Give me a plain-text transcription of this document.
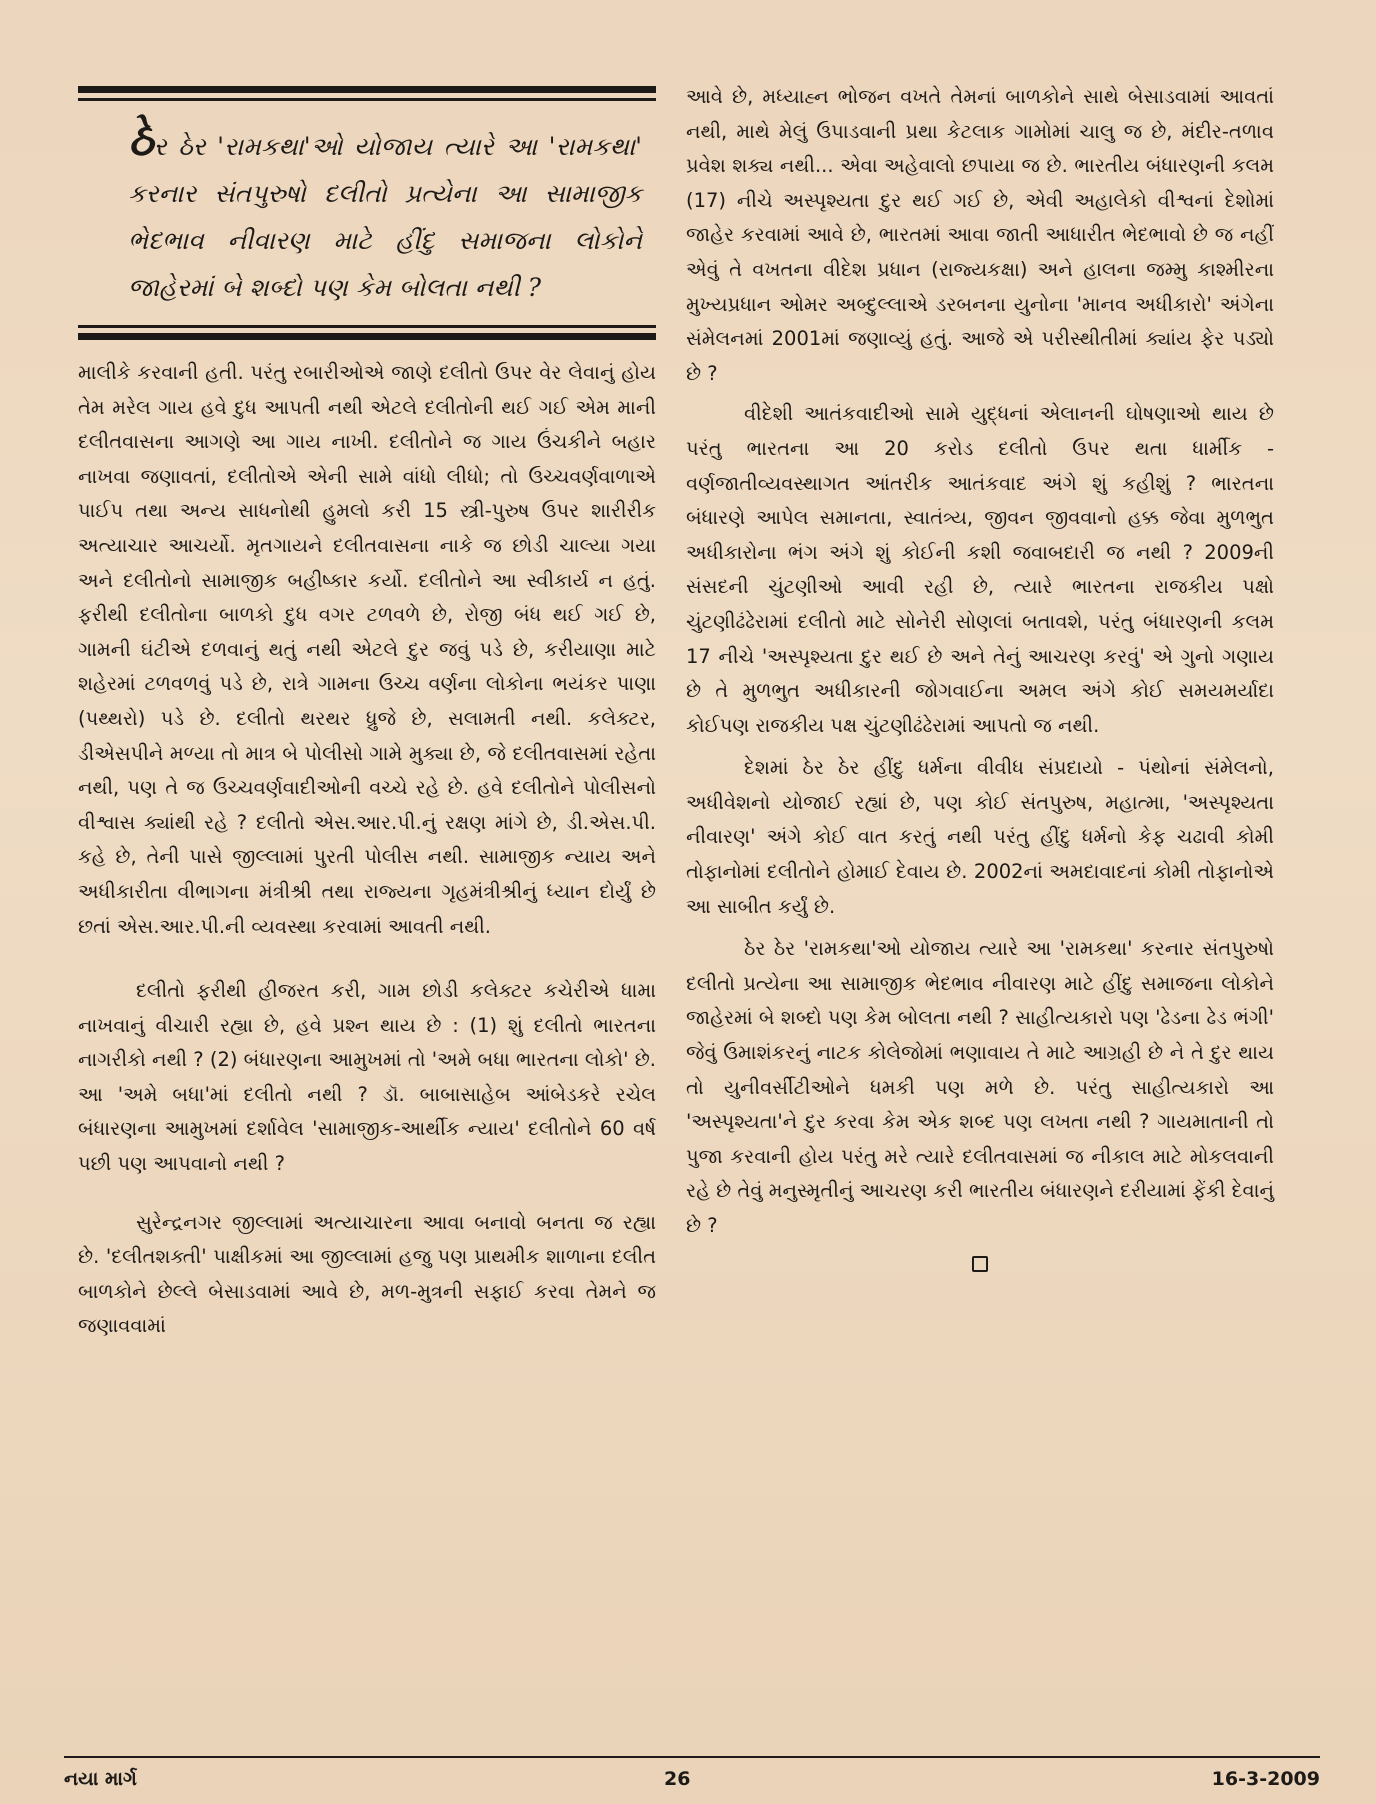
ઠેર ઠેર 'રામકથા'ઓ યોજાય ત્યારે આ 'રામકથા' કરનાર સંતપુરુષો દલીતો પ્રત્યેના આ સામાજીક ભેદભાવ નીવારણ માટે હીંદુ સમાજના લોકોને જાહેરમાં બે શબ્દો પણ કેમ બોલતા નથી ?

માલીકે કરવાની હતી. પરંતુ રબારીઓએ જાણે દલીતો ઉપર વેર લેવાનું હોય તેમ મરેલ ગાય હવે દુધ આપતી નથી એટલે દલીતોની થઈ ગઈ એમ માની દલીતવાસના આગણે આ ગાય નાખી. દલીતોને જ ગાય ઉંચકીને બહાર નાખવા જણાવતાં, દલીતોએ એની સામે વાંધો લીધો; તો ઉચ્ચવર્ણવાળાએ પાઈપ તથા અન્ય સાધનોથી હુમલો કરી 15 સ્ત્રી-પુરુષ ઉપર શારીરીક અત્યાચાર આચર્યો. મૃતગાયને દલીતવાસના નાકે જ છોડી ચાલ્યા ગયા અને દલીતોનો સામાજીક બહીષ્કાર કર્યો. દલીતોને આ સ્વીકાર્ય ન હતું. ફરીથી દલીતોના બાળકો દુધ વગર ટળવળે છે, રોજી બંધ થઈ ગઈ છે, ગામની ઘંટીએ દળવાનું થતું નથી એટલે દુર જવું પડે છે, કરીયાણા માટે શહેરમાં ટળવળવું પડે છે, રાત્રે ગામના ઉચ્ચ વર્ણના લોકોના ભયંકર પાણા (પથ્થરો) પડે છે. દલીતો થરથર ધ્રુજે છે, સલામતી નથી. કલેક્ટર, ડીએસપીને મળ્યા તો માત્ર બે પોલીસો ગામે મુક્યા છે, જે દલીતવાસમાં રહેતા નથી, પણ તે જ ઉચ્ચવર્ણવાદીઓની વચ્ચે રહે છે. હવે દલીતોને પોલીસનો વીશ્વાસ ક્યાંથી રહે ? દલીતો એસ.આર.પી.નું રક્ષણ માંગે છે, ડી.એસ.પી. કહે છે, તેની પાસે જીલ્લામાં પુરતી પોલીસ નથી. સામાજીક ન્યાય અને અધીકારીતા વીભાગના મંત્રીશ્રી તથા રાજ્યના ગૃહમંત્રીશ્રીનું ધ્યાન દોર્યું છે છતાં એસ.આર.પી.ની વ્યવસ્થા કરવામાં આવતી નથી.

દલીતો ફરીથી હીજરત કરી, ગામ છોડી કલેક્ટર કચેરીએ ધામા નાખવાનું વીચારી રહ્યા છે, હવે પ્રશ્ન થાય છે : (1) શું દલીતો ભારતના નાગરીકો નથી ? (2) બંધારણના આમુખમાં તો 'અમે બધા ભારતના લોકો' છે. આ 'અમે બધા'માં દલીતો નથી ? ડૉ. બાબાસાહેબ આંબેડકરે રચેલ બંધારણના આમુખમાં દર્શાવેલ 'સામાજીક-આર્થીક ન્યાય' દલીતોને 60 વર્ષ પછી પણ આપવાનો નથી ?

સુરેન્દ્રનગર જીલ્લામાં અત્યાચારના આવા બનાવો બનતા જ રહ્યા છે. 'દલીતશક્તી' પાક્ષીકમાં આ જીલ્લામાં હજુ પણ પ્રાથમીક શાળાના દલીત બાળકોને છેલ્લે બેસાડવામાં આવે છે, મળ-મુત્રની સફાઈ કરવા તેમને જ જણાવવામાં

આવે છે, મધ્યાહ્ન ભોજન વખતે તેમનાં બાળકોને સાથે બેસાડવામાં આવતાં નથી, માથે મેલું ઉપાડવાની પ્રથા કેટલાક ગામોમાં ચાલુ જ છે, મંદીર-તળાવ પ્રવેશ શક્ય નથી... એવા અહેવાલો છપાયા જ છે. ભારતીય બંધારણની કલમ (17) નીચે અસ્પૃશ્યતા દુર થઈ ગઈ છે, એવી અહાલેકો વીશ્વનાં દેશોમાં જાહેર કરવામાં આવે છે, ભારતમાં આવા જાતી આધારીત ભેદભાવો છે જ નહીં એવું તે વખતના વીદેશ પ્રધાન (રાજ્યકક્ષા) અને હાલના જમ્મુ કાશ્મીરના મુખ્યપ્રધાન ઓમર અબ્દુલ્લાએ ડરબનના યુનોના 'માનવ અધીકારો' અંગેના સંમેલનમાં 2001માં જણાવ્યું હતું. આજે એ પરીસ્થીતીમાં ક્યાંય ફેર પડ્યો છે ?

વીદેશી આતંકવાદીઓ સામે યુદ્ધનાં એલાનની ઘોષણાઓ થાય છે પરંતુ ભારતના આ 20 કરોડ દલીતો ઉપર થતા ધાર્મીક - વર્ણજાતીવ્યવસ્થાગત આંતરીક આતંકવાદ અંગે શું કહીશું ? ભારતના બંધારણે આપેલ સમાનતા, સ્વાતંત્ર્ય, જીવન જીવવાનો હક્ક જેવા મુળભુત અધીકારોના ભંગ અંગે શું કોઈની કશી જવાબદારી જ નથી ? 2009ની સંસદની ચુંટણીઓ આવી રહી છે, ત્યારે ભારતના રાજકીય પક્ષો ચુંટણીઢંઢેરામાં દલીતો માટે સોનેરી સોણલાં બતાવશે, પરંતુ બંધારણની કલમ 17 નીચે 'અસ્પૃશ્યતા દુર થઈ છે અને તેનું આચરણ કરવું' એ ગુનો ગણાય છે તે મુળભુત અધીકારની જોગવાઈના અમલ અંગે કોઈ સમયમર્યાદા કોઈપણ રાજકીય પક્ષ ચુંટણીઢંઢેરામાં આપતો જ નથી.

દેશમાં ઠેર ઠેર હીંદુ ધર્મના વીવીધ સંપ્રદાયો - પંથોનાં સંમેલનો, અધીવેશનો યોજાઈ રહ્યાં છે, પણ કોઈ સંતપુરુષ, મહાત્મા, 'અસ્પૃશ્યતા નીવારણ' અંગે કોઈ વાત કરતું નથી પરંતુ હીંદુ ધર્મનો કેફ ચઢાવી કોમી તોફાનોમાં દલીતોને હોમાઈ દેવાય છે. 2002નાં અમદાવાદનાં કોમી તોફાનોએ આ સાબીત કર્યું છે.

ઠેર ઠેર 'રામકથા'ઓ યોજાય ત્યારે આ 'રામકથા' કરનાર સંતપુરુષો દલીતો પ્રત્યેના આ સામાજીક ભેદભાવ નીવારણ માટે હીંદુ સમાજના લોકોને જાહેરમાં બે શબ્દો પણ કેમ બોલતા નથી ? સાહીત્યકારો પણ 'ઢેડના ઢેડ ભંગી' જેવું ઉમાશંકરનું નાટક કોલેજોમાં ભણાવાય તે માટે આગ્રહી છે ને તે દુર થાય તો યુનીવર્સીટીઓને ધમકી પણ મળે છે. પરંતુ સાહીત્યકારો આ 'અસ્પૃશ્યતા'ને દુર કરવા કેમ એક શબ્દ પણ લખતા નથી ? ગાયમાતાની તો પુજા કરવાની હોય પરંતુ મરે ત્યારે દલીતવાસમાં જ નીકાલ માટે મોકલવાની રહે છે તેવું મનુસ્મૃતીનું આચરણ કરી ભારતીય બંધારણને દરીયામાં ફેંકી દેવાનું છે ?

નયા માર્ગ	26	16-3-2009
